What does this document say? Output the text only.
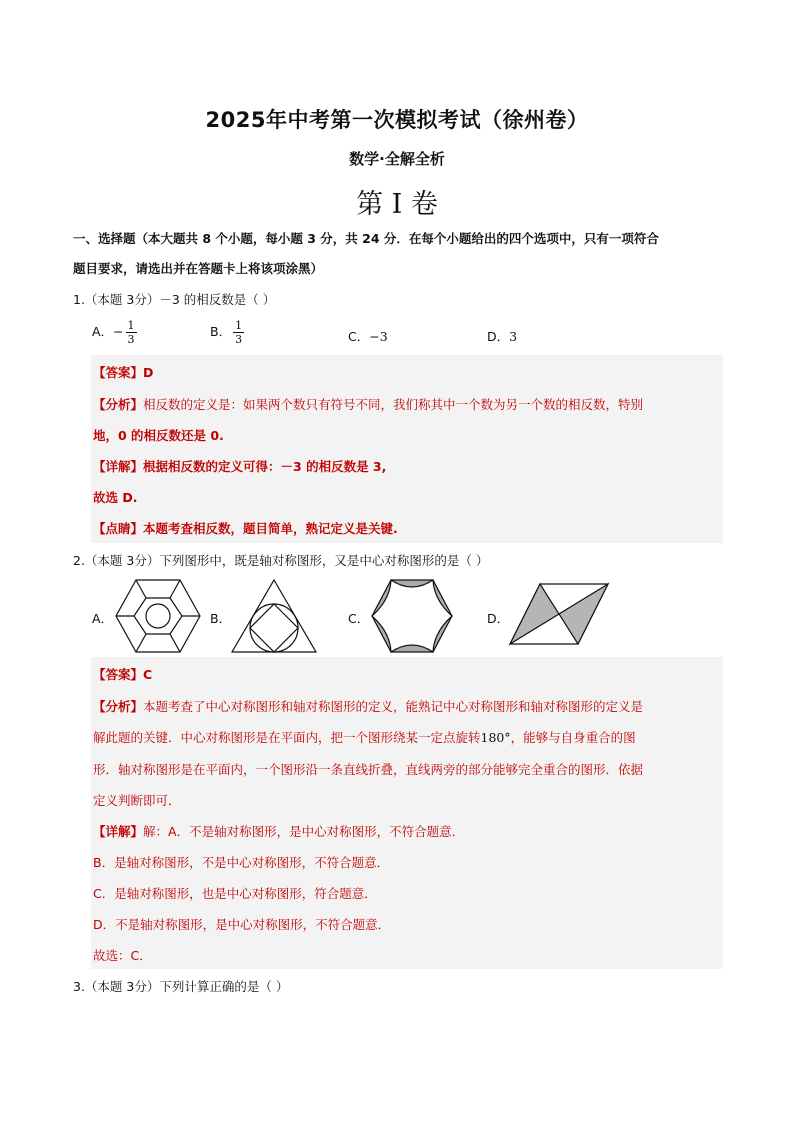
2025年中考第一次模拟考试（徐州卷）
数学·全解全析
第 I 卷
一、选择题（本大题共 8 个小题，每小题 3 分，共 24 分．在每个小题给出的四个选项中，只有一项符合
题目要求，请选出并在答题卡上将该项涂黑）
1.（本题 3分）－3 的相反数是（ ）
A．− $\frac{1}{3}$	B． $\frac{1}{3}$	C．−3	D．3
【答案】D
【分析】相反数的定义是：如果两个数只有符号不同，我们称其中一个数为另一个数的相反数，特别
地，0 的相反数还是 0.
【详解】根据相反数的定义可得：－3 的相反数是 3,
故选 D.
【点睛】本题考查相反数，题目简单，熟记定义是关键.
2.（本题 3分）下列图形中，既是轴对称图形，又是中心对称图形的是（ ）
A．	B．	C．	D．
【答案】C
【分析】本题考查了中心对称图形和轴对称图形的定义，能熟记中心对称图形和轴对称图形的定义是
解此题的关键．中心对称图形是在平面内，把一个图形绕某一定点旋转180°，能够与自身重合的图
形．轴对称图形是在平面内，一个图形沿一条直线折叠，直线两旁的部分能够完全重合的图形．依据
定义判断即可．
【详解】解：A．不是轴对称图形，是中心对称图形，不符合题意．
B．是轴对称图形，不是中心对称图形，不符合题意．
C．是轴对称图形，也是中心对称图形，符合题意．
D．不是轴对称图形，是中心对称图形，不符合题意．
故选：C．
3.（本题 3分）下列计算正确的是（ ）
